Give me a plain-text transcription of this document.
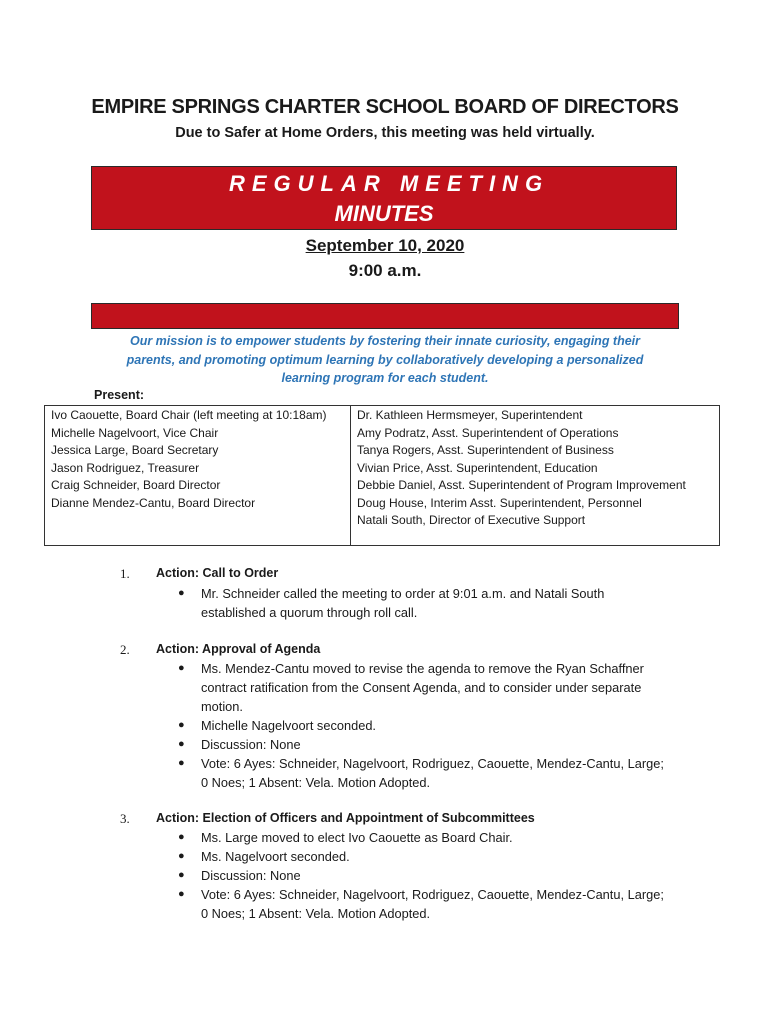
EMPIRE SPRINGS CHARTER SCHOOL BOARD OF DIRECTORS
Due to Safer at Home Orders, this meeting was held virtually.
REGULAR MEETING
MINUTES
September 10, 2020
9:00 a.m.
Our mission is to empower students by fostering their innate curiosity, engaging their parents, and promoting optimum learning by collaboratively developing a personalized learning program for each student.
Present:
Ivo Caouette, Board Chair (left meeting at 10:18am)
Michelle Nagelvoort, Vice Chair
Jessica Large, Board Secretary
Jason Rodriguez, Treasurer
Craig Schneider, Board Director
Dianne Mendez-Cantu, Board Director
Dr. Kathleen Hermsmeyer, Superintendent
Amy Podratz, Asst. Superintendent of Operations
Tanya Rogers, Asst. Superintendent of Business
Vivian Price, Asst. Superintendent, Education
Debbie Daniel, Asst. Superintendent of Program Improvement
Doug House, Interim Asst. Superintendent, Personnel
Natali South, Director of Executive Support
1. Action: Call to Order
● Mr. Schneider called the meeting to order at 9:01 a.m. and Natali South established a quorum through roll call.
2. Action: Approval of Agenda
● Ms. Mendez-Cantu moved to revise the agenda to remove the Ryan Schaffner contract ratification from the Consent Agenda, and to consider under separate motion.
● Michelle Nagelvoort seconded.
● Discussion: None
● Vote: 6 Ayes: Schneider, Nagelvoort, Rodriguez, Caouette, Mendez-Cantu, Large; 0 Noes; 1 Absent: Vela. Motion Adopted.
3. Action: Election of Officers and Appointment of Subcommittees
● Ms. Large moved to elect Ivo Caouette as Board Chair.
● Ms. Nagelvoort seconded.
● Discussion: None
● Vote: 6 Ayes: Schneider, Nagelvoort, Rodriguez, Caouette, Mendez-Cantu, Large; 0 Noes; 1 Absent: Vela. Motion Adopted.
